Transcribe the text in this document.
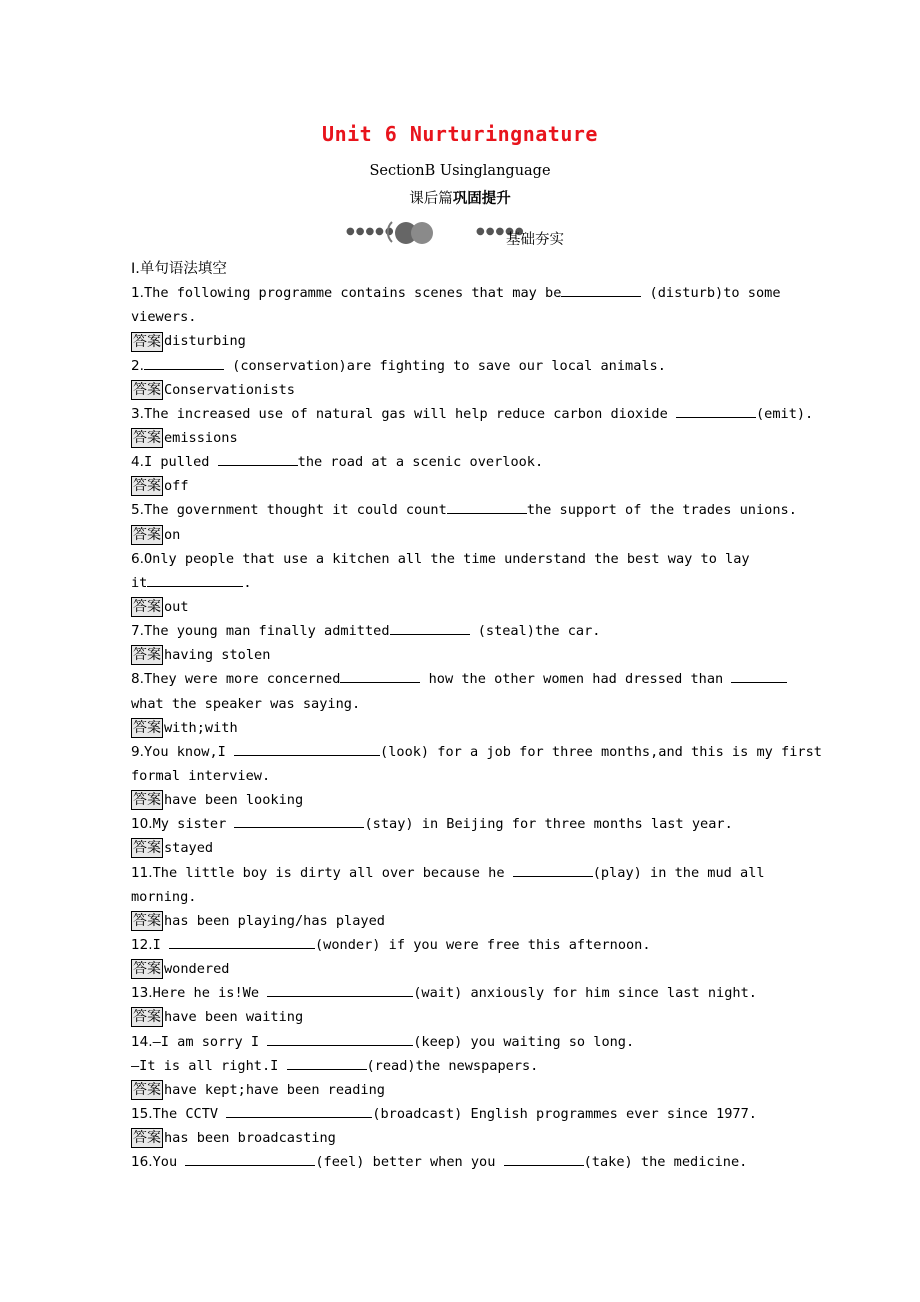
Unit 6 Nurturingnature
SectionB Usinglanguage
课后篇巩固提升
●●●●●	●●●●●
基础夯实
Ⅰ.单句语法填空
1.The following programme contains scenes that may be	(disturb)to some
viewers.
答案 disturbing
2.	(conservation)are fighting to save our local animals.
答案 Conservationists
3.The increased use of natural gas will help reduce carbon dioxide	(emit).
答案 emissions
4.I pulled	the road at a scenic overlook.
答案 off
5.The government thought it could count	the support of the trades unions.
答案 on
6.Only people that use a kitchen all the time understand the best way to lay
it	.
答案 out
7.The young man finally admitted	(steal)the car.
答案 having stolen
8.They were more concerned	how the other women had dressed than
what the speaker was saying.
答案 with;with
9.You know,I	(look) for a job for three months,and this is my first
formal interview.
答案 have been looking
10.My sister	(stay) in Beijing for three months last year.
答案 stayed
11.The little boy is dirty all over because he	(play) in the mud all
morning.
答案 has been playing/has played
12.I	(wonder) if you were free this afternoon.
答案 wondered
13.Here he is!We	(wait) anxiously for him since last night.
答案 have been waiting
14.—I am sorry I	(keep) you waiting so long.
—It is all right.I	(read)the newspapers.
答案 have kept;have been reading
15.The CCTV	(broadcast) English programmes ever since 1977.
答案 has been broadcasting
16.You	(feel) better when you	(take) the medicine.
